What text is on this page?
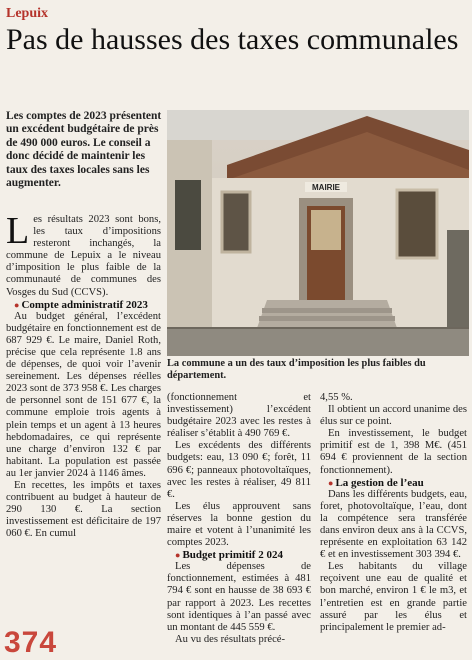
Lepuix
Pas de hausses des taxes communales
Les comptes de 2023 présentent un excédent budgétaire de près de 490 000 euros. Le conseil a donc décidé de maintenir les taux des taxes locales sans les augmenter.	MAIRIE
La commune a un des taux d’imposition les plus faibles du département.

Les résultats 2023 sont bons, les taux d’impositions resteront inchangés, la commune de Lepuix a le niveau d’imposition le plus faible de la communauté de communes des Vosges du Sud (CCVS).

● Compte administratif 2023

Au budget général, l’excédent budgétaire en fonctionnement est de 687 929 €. Le maire, Daniel Roth, précise que cela représente 1.8 ans de dépenses, de quoi voir l’avenir sereinement. Les dépenses réelles 2023 sont de 373 958 €. Les charges de personnel sont de 151 677 €, la commune emploie trois agents à plein temps et un agent à 13 heures hebdomadaires, ce qui représente une charge d’environ 132 € par habitant. La population est passée au 1er janvier 2024 à 1146 âmes.

En recettes, les impôts et taxes contribuent au budget à hauteur de 290 130 €. La section investissement est déficitaire de 197 060 €. En cumul

(fonctionnement et investissement) l’excédent budgétaire 2023 avec les restes à réaliser s’établit à 490 769 €.

Les excédents des différents budgets: eau, 13 090 €; forêt, 11 696 €; panneaux photovoltaïques, avec les restes à réaliser, 49 811 €.

Les élus approuvent sans réserves la bonne gestion du maire et votent à l’unanimité les comptes 2023.

● Budget primitif 2 024

Les dépenses de fonctionnement, estimées à 481 794 € sont en hausse de 38 693 € par rapport à 2023. Les recettes sont identiques à l’an passé avec un montant de 445 559 €.

Au vu des résultats précé-

4,55 %.

Il obtient un accord unanime des élus sur ce point.

En investissement, le budget primitif est de 1, 398 M€. (451 694 € proviennent de la section fonctionnement).

● La gestion de l’eau

Dans les différents budgets, eau, foret, photovoltaïque, l’eau, dont la compétence sera transférée dans environ deux ans à la CCVS, représente en exploitation 63 142 € et en investissement 303 394 €.

Les habitants du village reçoivent une eau de qualité et bon marché, environ 1 € le m3, et l’entretien est en grande partie assuré par les élus et principalement le premier ad-

374
